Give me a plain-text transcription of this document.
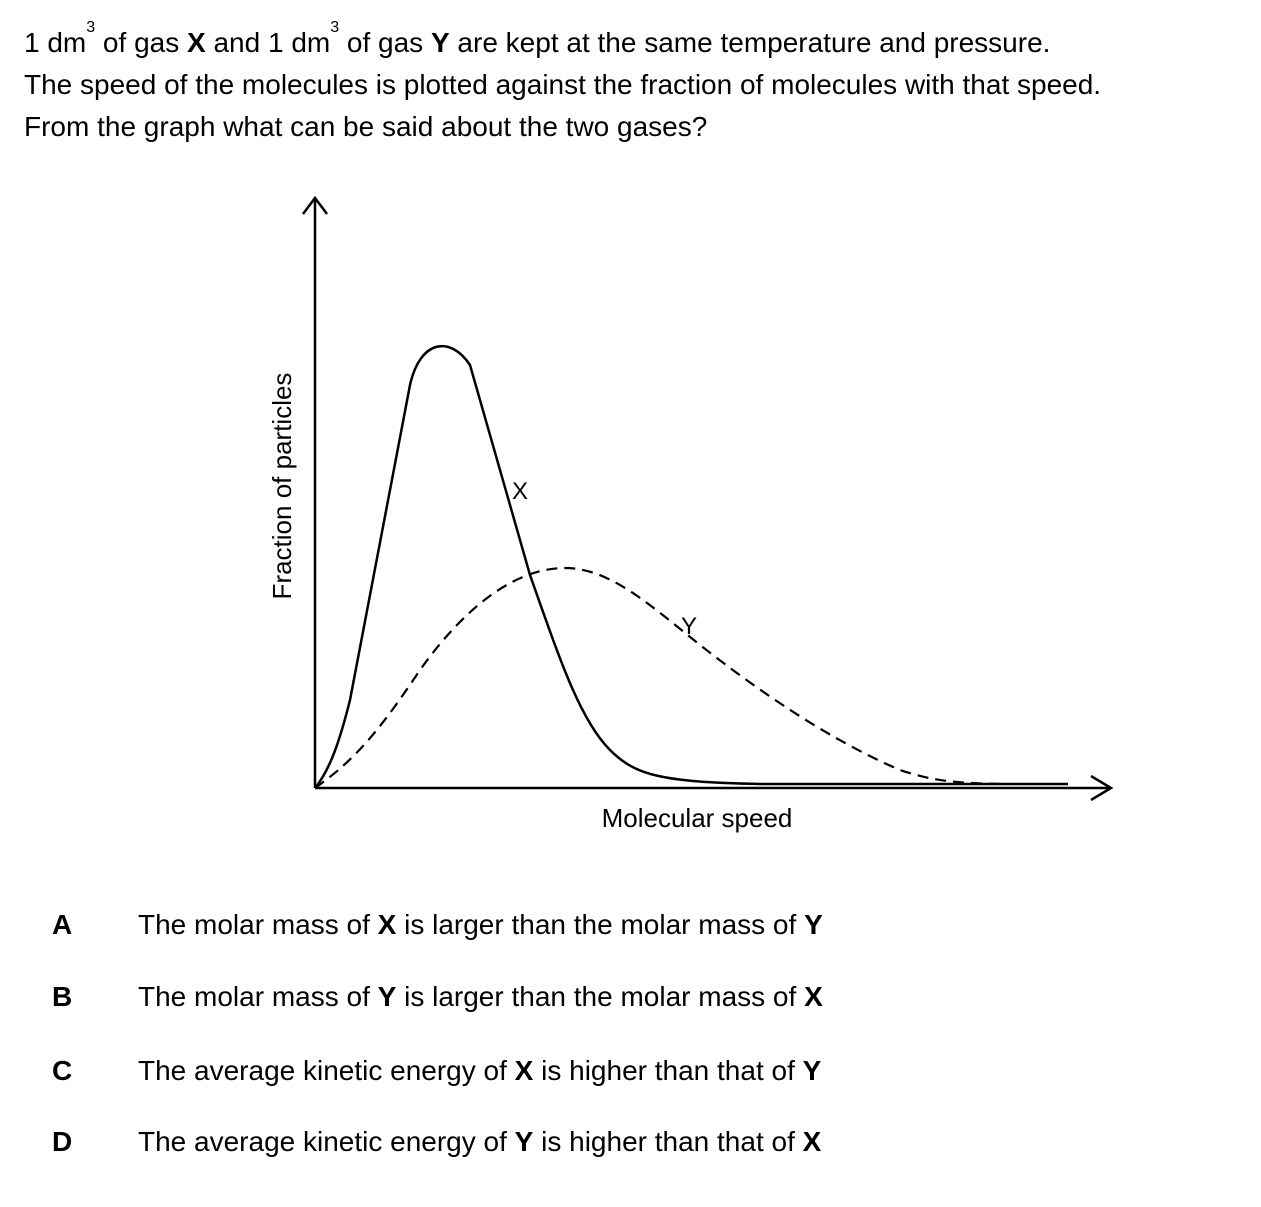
1 $dm^3$ of gas X and 1 $dm^3$ of gas Y are kept at the same temperature and pressure.

The speed of the molecules is plotted against the fraction of molecules with that speed.

From the graph what can be said about the two gases?

X
Y
Molecular speed
Fraction of particles
A The molar mass of X is larger than the molar mass of Y
B The molar mass of Y is larger than the molar mass of X
C The average kinetic energy of X is higher than that of Y
D The average kinetic energy of Y is higher than that of X
